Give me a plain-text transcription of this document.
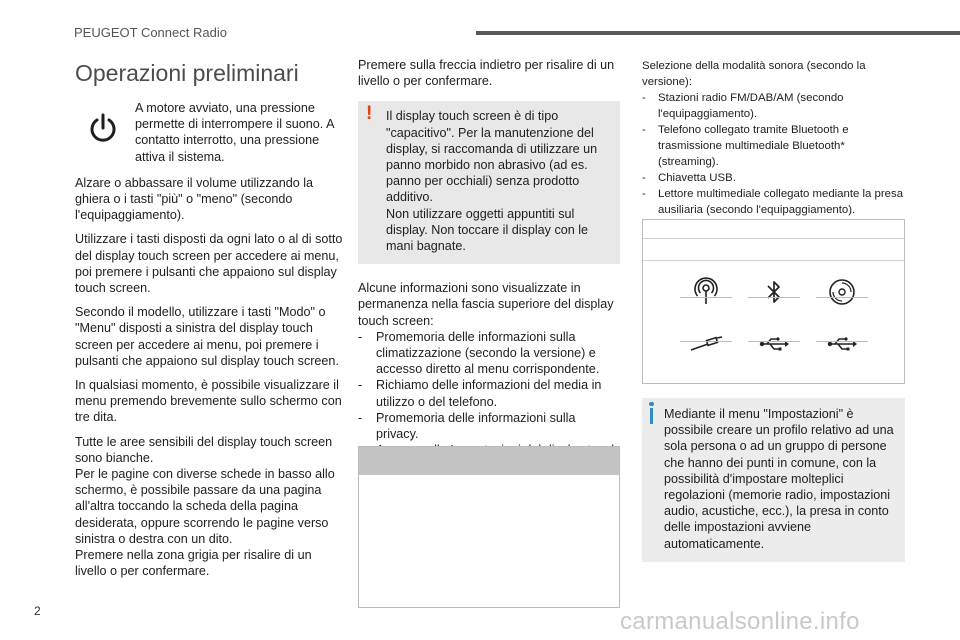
PEUGEOT Connect Radio
Operazioni preliminari
A motore avviato, una pressione permette di interrompere il suono. A contatto interrotto, una pressione attiva il sistema.

Alzare o abbassare il volume utilizzando la ghiera o i tasti "più" o "meno" (secondo l'equipaggiamento).

Utilizzare i tasti disposti da ogni lato o al di sotto del display touch screen per accedere ai menu, poi premere i pulsanti che appaiono sul display touch screen.

Secondo il modello, utilizzare i tasti "Modo" o "Menu" disposti a sinistra del display touch screen per accedere ai menu, poi premere i pulsanti che appaiono sul display touch screen.

In qualsiasi momento, è possibile visualizzare il menu premendo brevemente sullo schermo con tre dita.

Tutte le aree sensibili del display touch screen sono bianche.
Per le pagine con diverse schede in basso allo schermo, è possibile passare da una pagina all'altra toccando la scheda della pagina desiderata, oppure scorrendo le pagine verso sinistra o destra con un dito.
Premere nella zona grigia per risalire di un livello o per confermare.

Premere sulla freccia indietro per risalire di un livello o per confermare.

! Il display touch screen è di tipo "capacitivo". Per la manutenzione del display, si raccomanda di utilizzare un panno morbido non abrasivo (ad es. panno per occhiali) senza prodotto additivo.
Non utilizzare oggetti appuntiti sul display. Non toccare il display con le mani bagnate.

Alcune informazioni sono visualizzate in permanenza nella fascia superiore del display touch screen:

- Promemoria delle informazioni sulla climatizzazione (secondo la versione) e accesso diretto al menu corrispondente.
- Richiamo delle informazioni del media in utilizzo o del telefono.
- Promemoria delle informazioni sulla privacy.
-
Selezione della modalità sonora (secondo la versione):
- Stazioni radio FM/DAB/AM (secondo l'equipaggiamento).
- Telefono collegato tramite Bluetooth e trasmissione multimediale Bluetooth* (streaming).
- Chiavetta USB.
- Lettore multimediale collegato mediante la presa ausiliaria (secondo l'equipaggiamento).
-
Mediante il menu "Impostazioni" è possibile creare un profilo relativo ad una sola persona o ad un gruppo di persone che hanno dei punti in comune, con la possibilità d'impostare molteplici regolazioni (memorie radio, impostazioni audio, acustiche, ecc.), la presa in conto delle impostazioni avviene automaticamente.
2	carmanualsonline.info
